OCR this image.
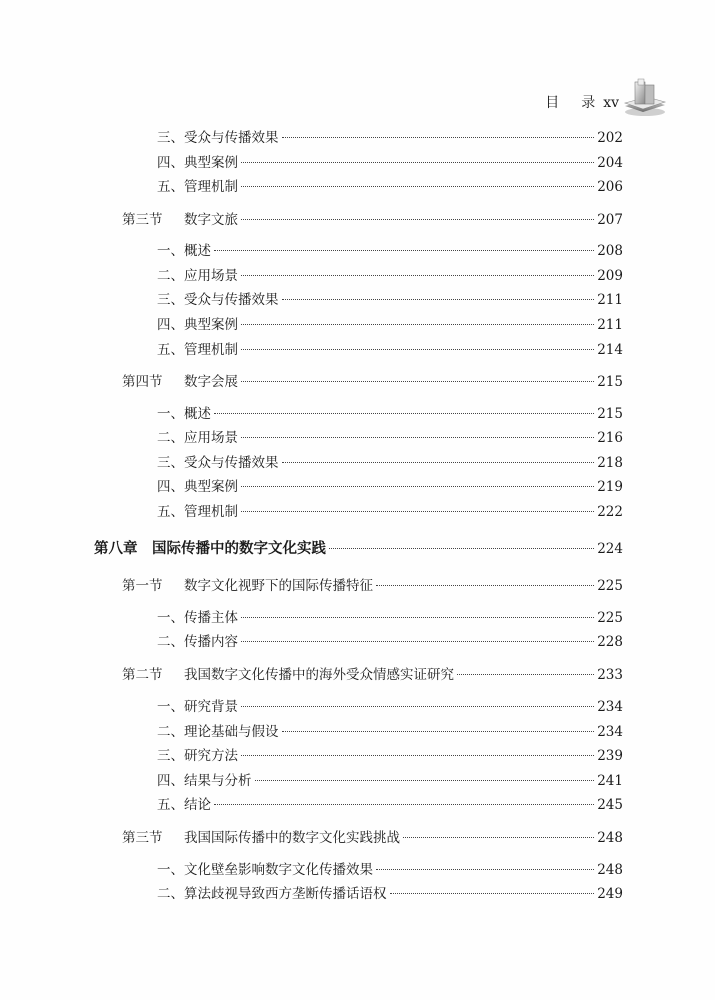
目 录 xv
三、受众与传播效果	202
四、典型案例	204
五、管理机制	206
第三节 数字文旅	207
一、概述	208
二、应用场景	209
三、受众与传播效果	211
四、典型案例	211
五、管理机制	214
第四节 数字会展	215
一、概述	215
二、应用场景	216
三、受众与传播效果	218
四、典型案例	219
五、管理机制	222
第八章 国际传播中的数字文化实践	224
第一节 数字文化视野下的国际传播特征	225
一、传播主体	225
二、传播内容	228
第二节 我国数字文化传播中的海外受众情感实证研究	233
一、研究背景	234
二、理论基础与假设	234
三、研究方法	239
四、结果与分析	241
五、结论	245
第三节 我国国际传播中的数字文化实践挑战	248
一、文化壁垒影响数字文化传播效果	248
二、算法歧视导致西方垄断传播话语权	249
